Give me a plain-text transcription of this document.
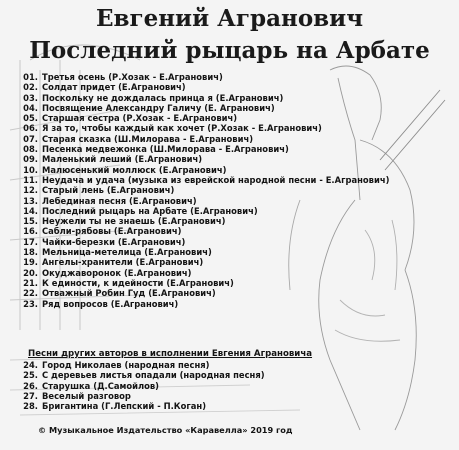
Евгений Агранович
Последний рыцарь на Арбате
01. Третья осень (Р.Хозак - Е.Агранович)
02. Солдат придет (Е.Агранович)
03. Поскольку не дождалась принца я (Е.Агранович)
04. Посвящение Александру Галичу (Е. Агранович)
05. Старшая сестра (Р.Хозак - Е.Агранович)
06. Я за то, чтобы каждый как хочет (Р.Хозак - Е.Агранович)
07. Старая сказка (Ш.Милорава - Е.Агранович)
08. Песенка медвежонка (Ш.Милорава - Е.Агранович)
09. Маленький леший (Е.Агранович)
10. Малюсенький моллюск (Е.Агранович)
11. Неудача и удача (музыка из еврейской народной песни - Е.Агранович)
12. Старый лень (Е.Агранович)
13. Лебединая песня (Е.Агранович)
14. Последний рыцарь на Арбате (Е.Агранович)
15. Неужели ты не знаешь (Е.Агранович)
16. Сабли-рябовы (Е.Агранович)
17. Чайки-березки (Е.Агранович)
18. Мельница-метелица (Е.Агранович)
19. Ангелы-хранители (Е.Агранович)
20. Окуджаворонок (Е.Агранович)
21. К единости, к идейности (Е.Агранович)
22. Отважный Робин Гуд (Е.Агранович)
23. Ряд вопросов (Е.Агранович)

Песни других авторов в исполнении Евгения Аграновича

24. Город Николаев (народная песня)
25. С деревьев листья опадали (народная песня)
26. Старушка (Д.Самойлов)
27. Веселый разговор
28. Бригантина (Г.Лепский - П.Коган)

© Музыкальное Издательство «Каравелла» 2019 год
